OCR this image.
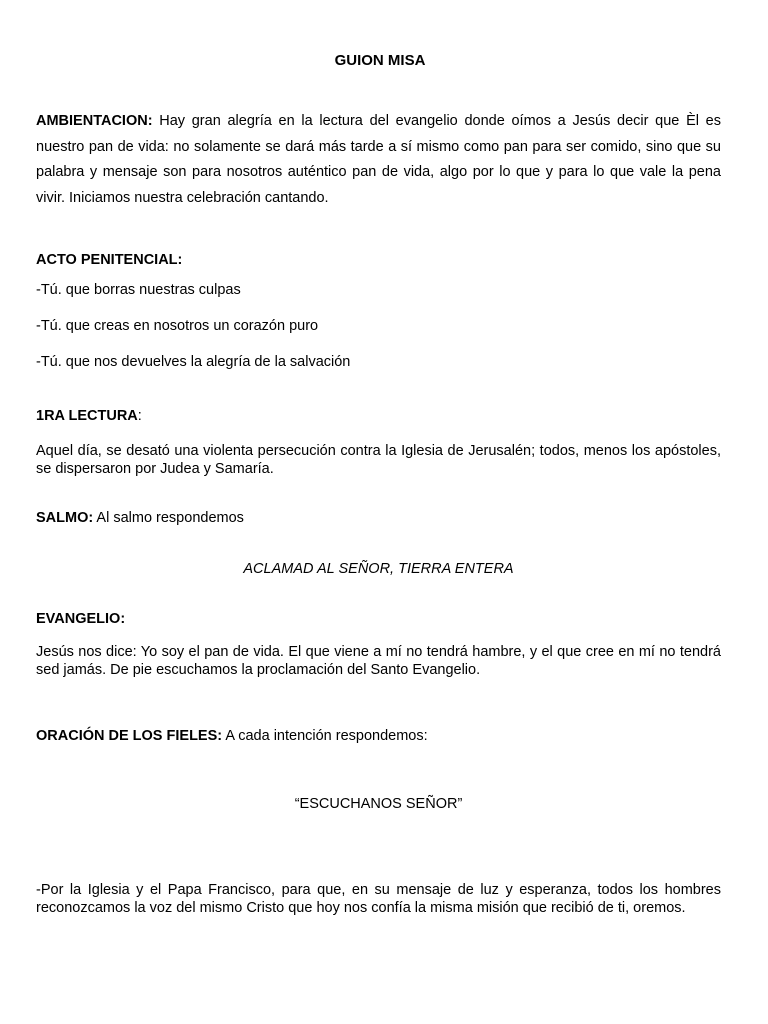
GUION MISA
AMBIENTACION: Hay gran alegría en la lectura del evangelio donde oímos a Jesús decir que Èl es nuestro pan de vida: no solamente se dará más tarde a sí mismo como pan para ser comido, sino que su palabra y mensaje son para nosotros auténtico pan de vida, algo por lo que y para lo que vale la pena vivir. Iniciamos nuestra celebración cantando.
ACTO PENITENCIAL:
-Tú. que borras nuestras culpas
-Tú. que creas en nosotros un corazón puro
-Tú. que nos devuelves la alegría de la salvación
1RA LECTURA:
Aquel día, se desató una violenta persecución contra la Iglesia de Jerusalén; todos, menos los apóstoles, se dispersaron por Judea y Samaría.
SALMO: Al salmo respondemos
ACLAMAD AL SEÑOR, TIERRA ENTERA
EVANGELIO:
Jesús nos dice: Yo soy el pan de vida. El que viene a mí no tendrá hambre, y el que cree en mí no tendrá sed jamás. De pie escuchamos la proclamación del Santo Evangelio.
ORACIÓN DE LOS FIELES: A cada intención respondemos:
“ESCUCHANOS SEÑOR”
-Por la Iglesia y el Papa Francisco, para que, en su mensaje de luz y esperanza, todos los hombres reconozcamos la voz del mismo Cristo que hoy nos confía la misma misión que recibió de ti, oremos.
